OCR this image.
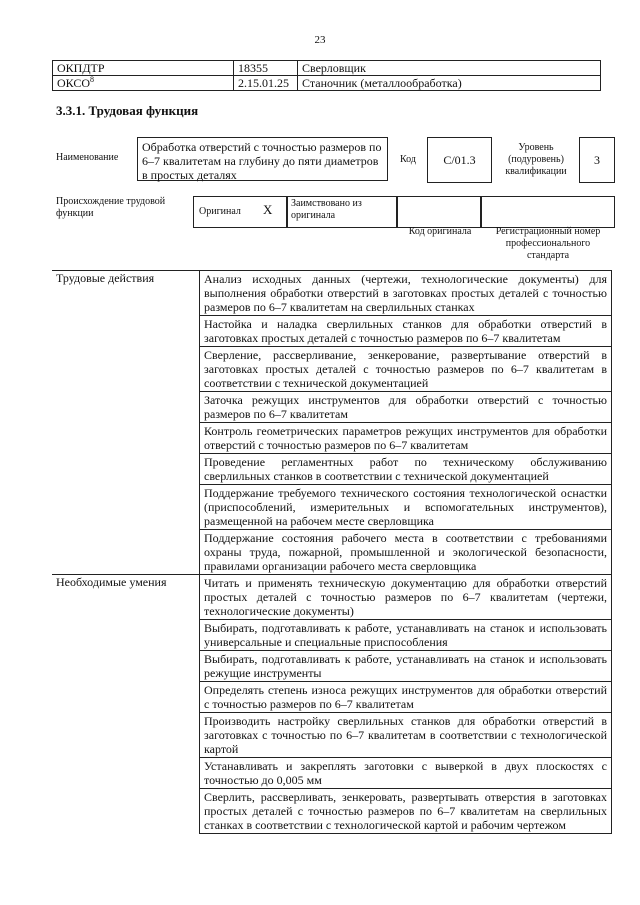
23
ОКПДТР	18355	Сверловщик
ОКСО$^8$	2.15.01.25	Станочник (металлообработка)
3.3.1. Трудовая функция
Наименование
Обработка отверстий с точностью размеров по 6–7 квалитетам на глубину до пяти диаметров в простых деталях
Код	С/01.3
Уровень (подуровень) квалификации
3
Происхождение трудовой функции	Оригинал X Заимствовано из оригинала
Код оригинала	Регистрационный номер профессионального стандарта
Трудовые действия	Анализ исходных данных (чертежи, технологические документы) для выполнения обработки отверстий в заготовках простых деталей с точностью размеров по 6–7 квалитетам на сверлильных станках
	Настойка и наладка сверлильных станков для обработки отверстий в заготовках простых деталей с точностью размеров по 6–7 квалитетам
	Сверление, рассверливание, зенкерование, развертывание отверстий в заготовках простых деталей с точностью размеров по 6–7 квалитетам в соответствии с технической документацией
	Заточка режущих инструментов для обработки отверстий с точностью размеров по 6–7 квалитетам
	Контроль геометрических параметров режущих инструментов для обработки отверстий с точностью размеров по 6–7 квалитетам
	Проведение регламентных работ по техническому обслуживанию сверлильных станков в соответствии с технической документацией
	Поддержание требуемого технического состояния технологической оснастки (приспособлений, измерительных и вспомогательных инструментов), размещенной на рабочем месте сверловщика
	Поддержание состояния рабочего места в соответствии с требованиями охраны труда, пожарной, промышленной и экологической безопасности, правилами организации рабочего места сверловщика
Необходимые умения	Читать и применять техническую документацию для обработки отверстий простых деталей с точностью размеров по 6–7 квалитетам (чертежи, технологические документы)
	Выбирать, подготавливать к работе, устанавливать на станок и использовать универсальные и специальные приспособления
	Выбирать, подготавливать к работе, устанавливать на станок и использовать режущие инструменты
	Определять степень износа режущих инструментов для обработки отверстий с точностью размеров по 6–7 квалитетам
	Производить настройку сверлильных станков для обработки отверстий в заготовках с точностью по 6–7 квалитетам в соответствии с технологической картой
	Устанавливать и закреплять заготовки с выверкой в двух плоскостях с точностью до 0,005 мм
	Сверлить, рассверливать, зенкеровать, развертывать отверстия в заготовках простых деталей с точностью размеров по 6–7 квалитетам на сверлильных станках в соответствии с технологической картой и рабочим чертежом
